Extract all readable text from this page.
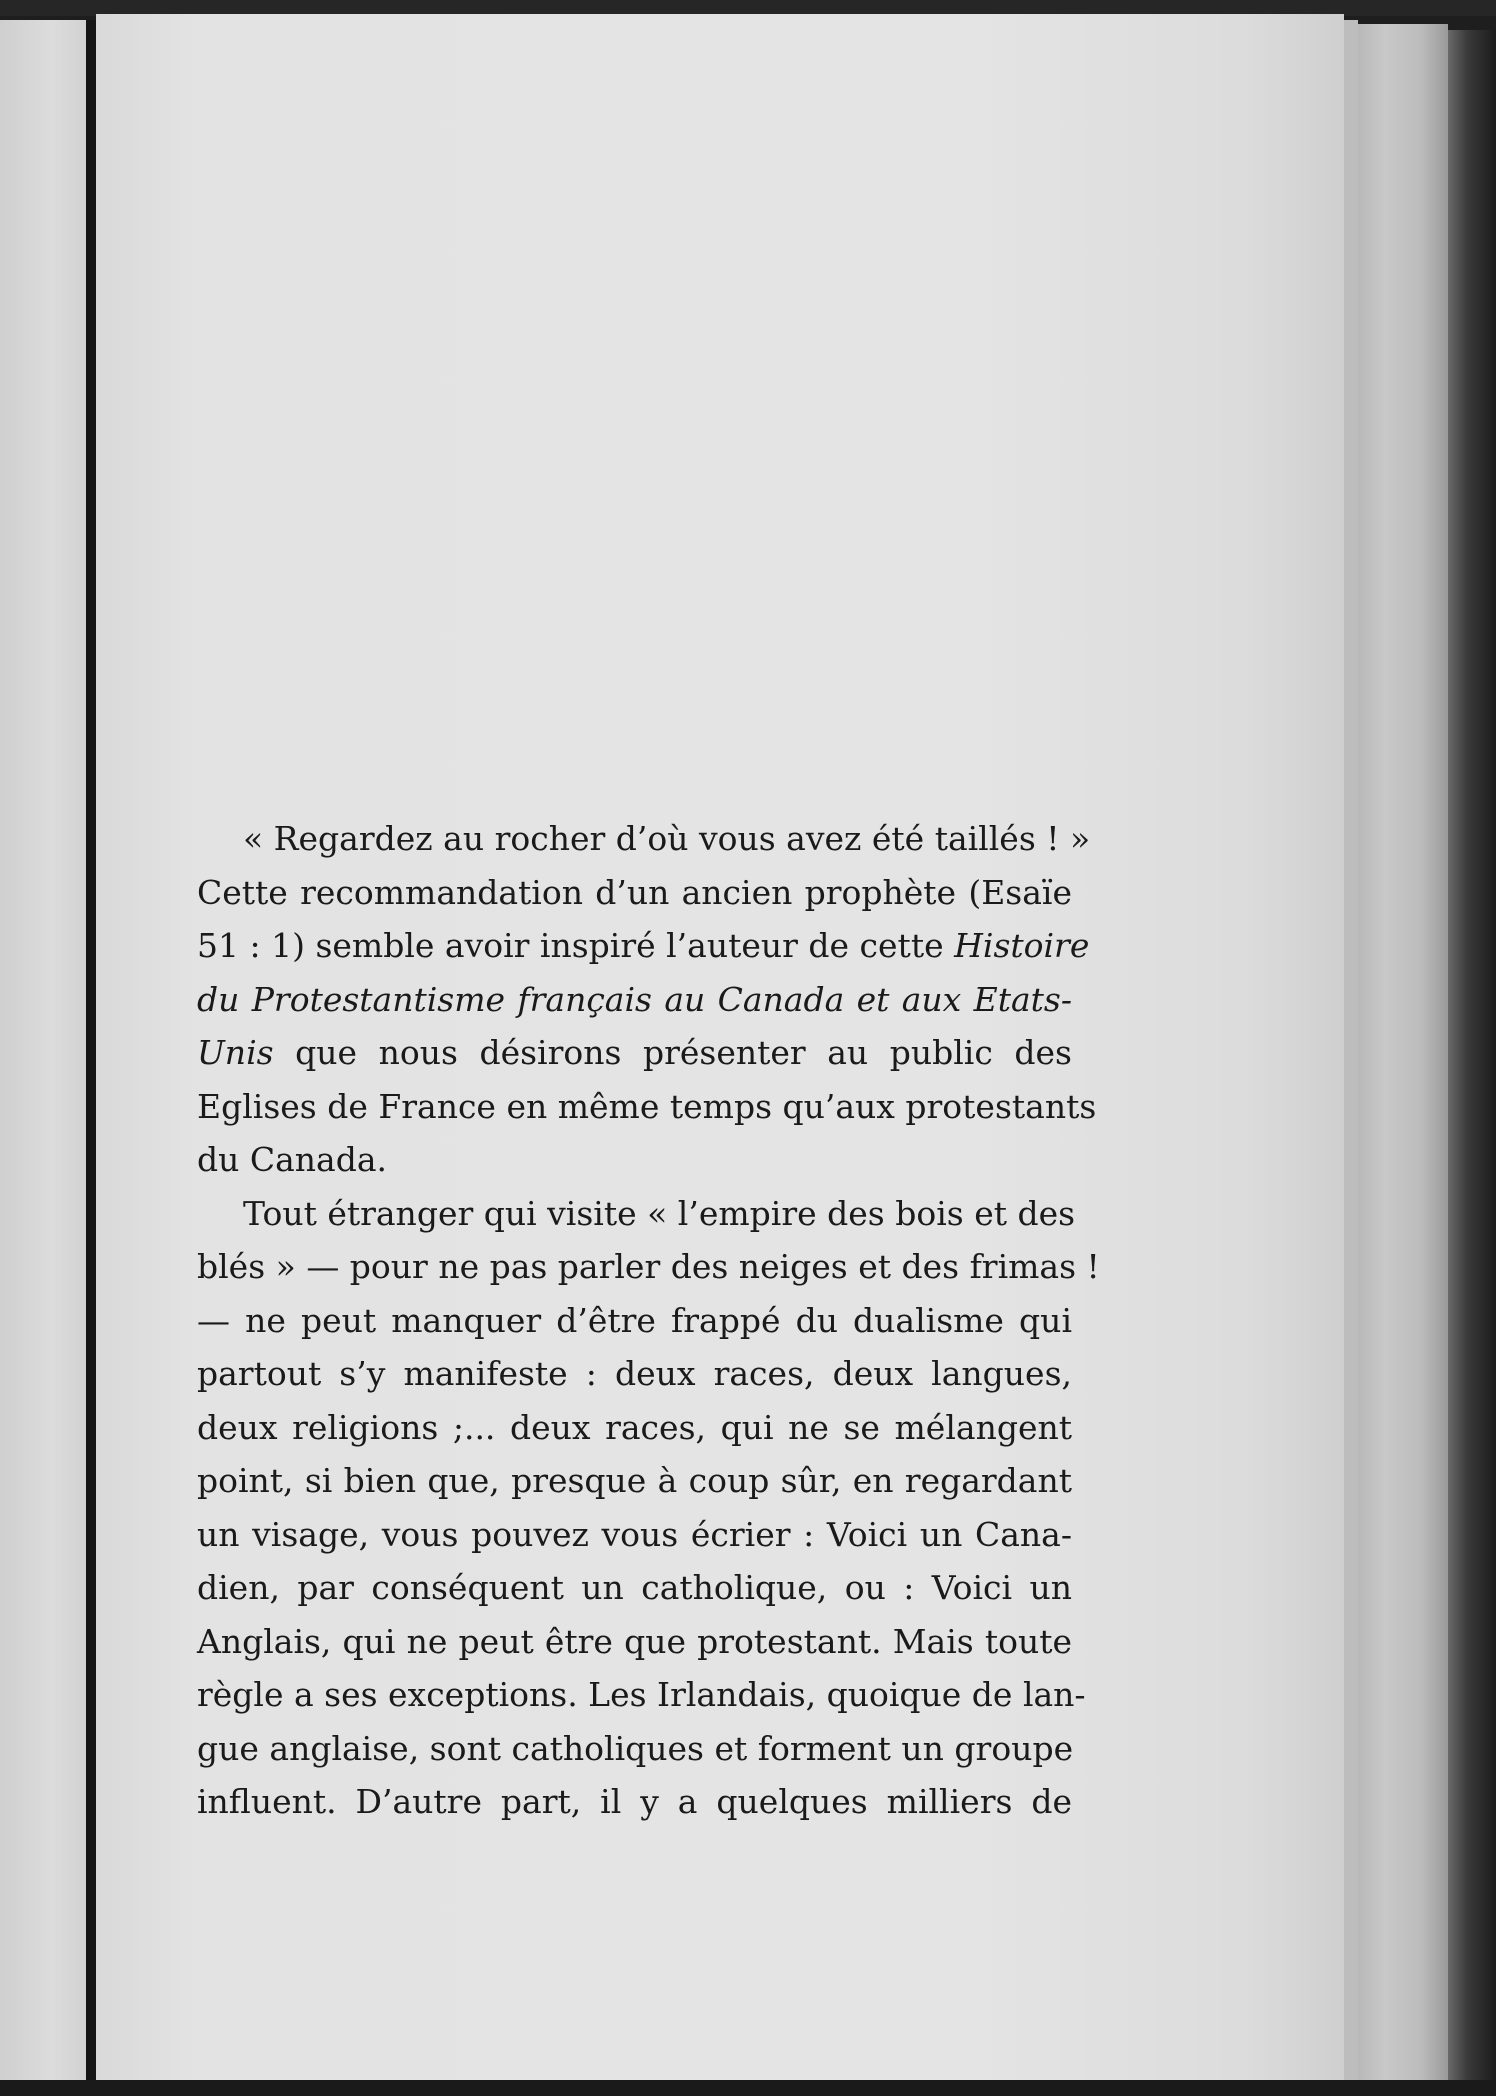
« Regardez au rocher d’où vous avez été taillés ! »
Cette recommandation d’un ancien prophète (Esaïe
51 : 1) semble avoir inspiré l’auteur de cette Histoire
du Protestantisme français au Canada et aux Etats-
Unis que nous désirons présenter au public des
Eglises de France en même temps qu’aux protestants
du Canada.
Tout étranger qui visite « l’empire des bois et des
blés » — pour ne pas parler des neiges et des frimas !
— ne peut manquer d’être frappé du dualisme qui
partout s’y manifeste : deux races, deux langues,
deux religions ;... deux races, qui ne se mélangent
point, si bien que, presque à coup sûr, en regardant
un visage, vous pouvez vous écrier : Voici un Cana-
dien, par conséquent un catholique, ou : Voici un
Anglais, qui ne peut être que protestant. Mais toute
règle a ses exceptions. Les Irlandais, quoique de lan-
gue anglaise, sont catholiques et forment un groupe
influent. D’autre part, il y a quelques milliers de
